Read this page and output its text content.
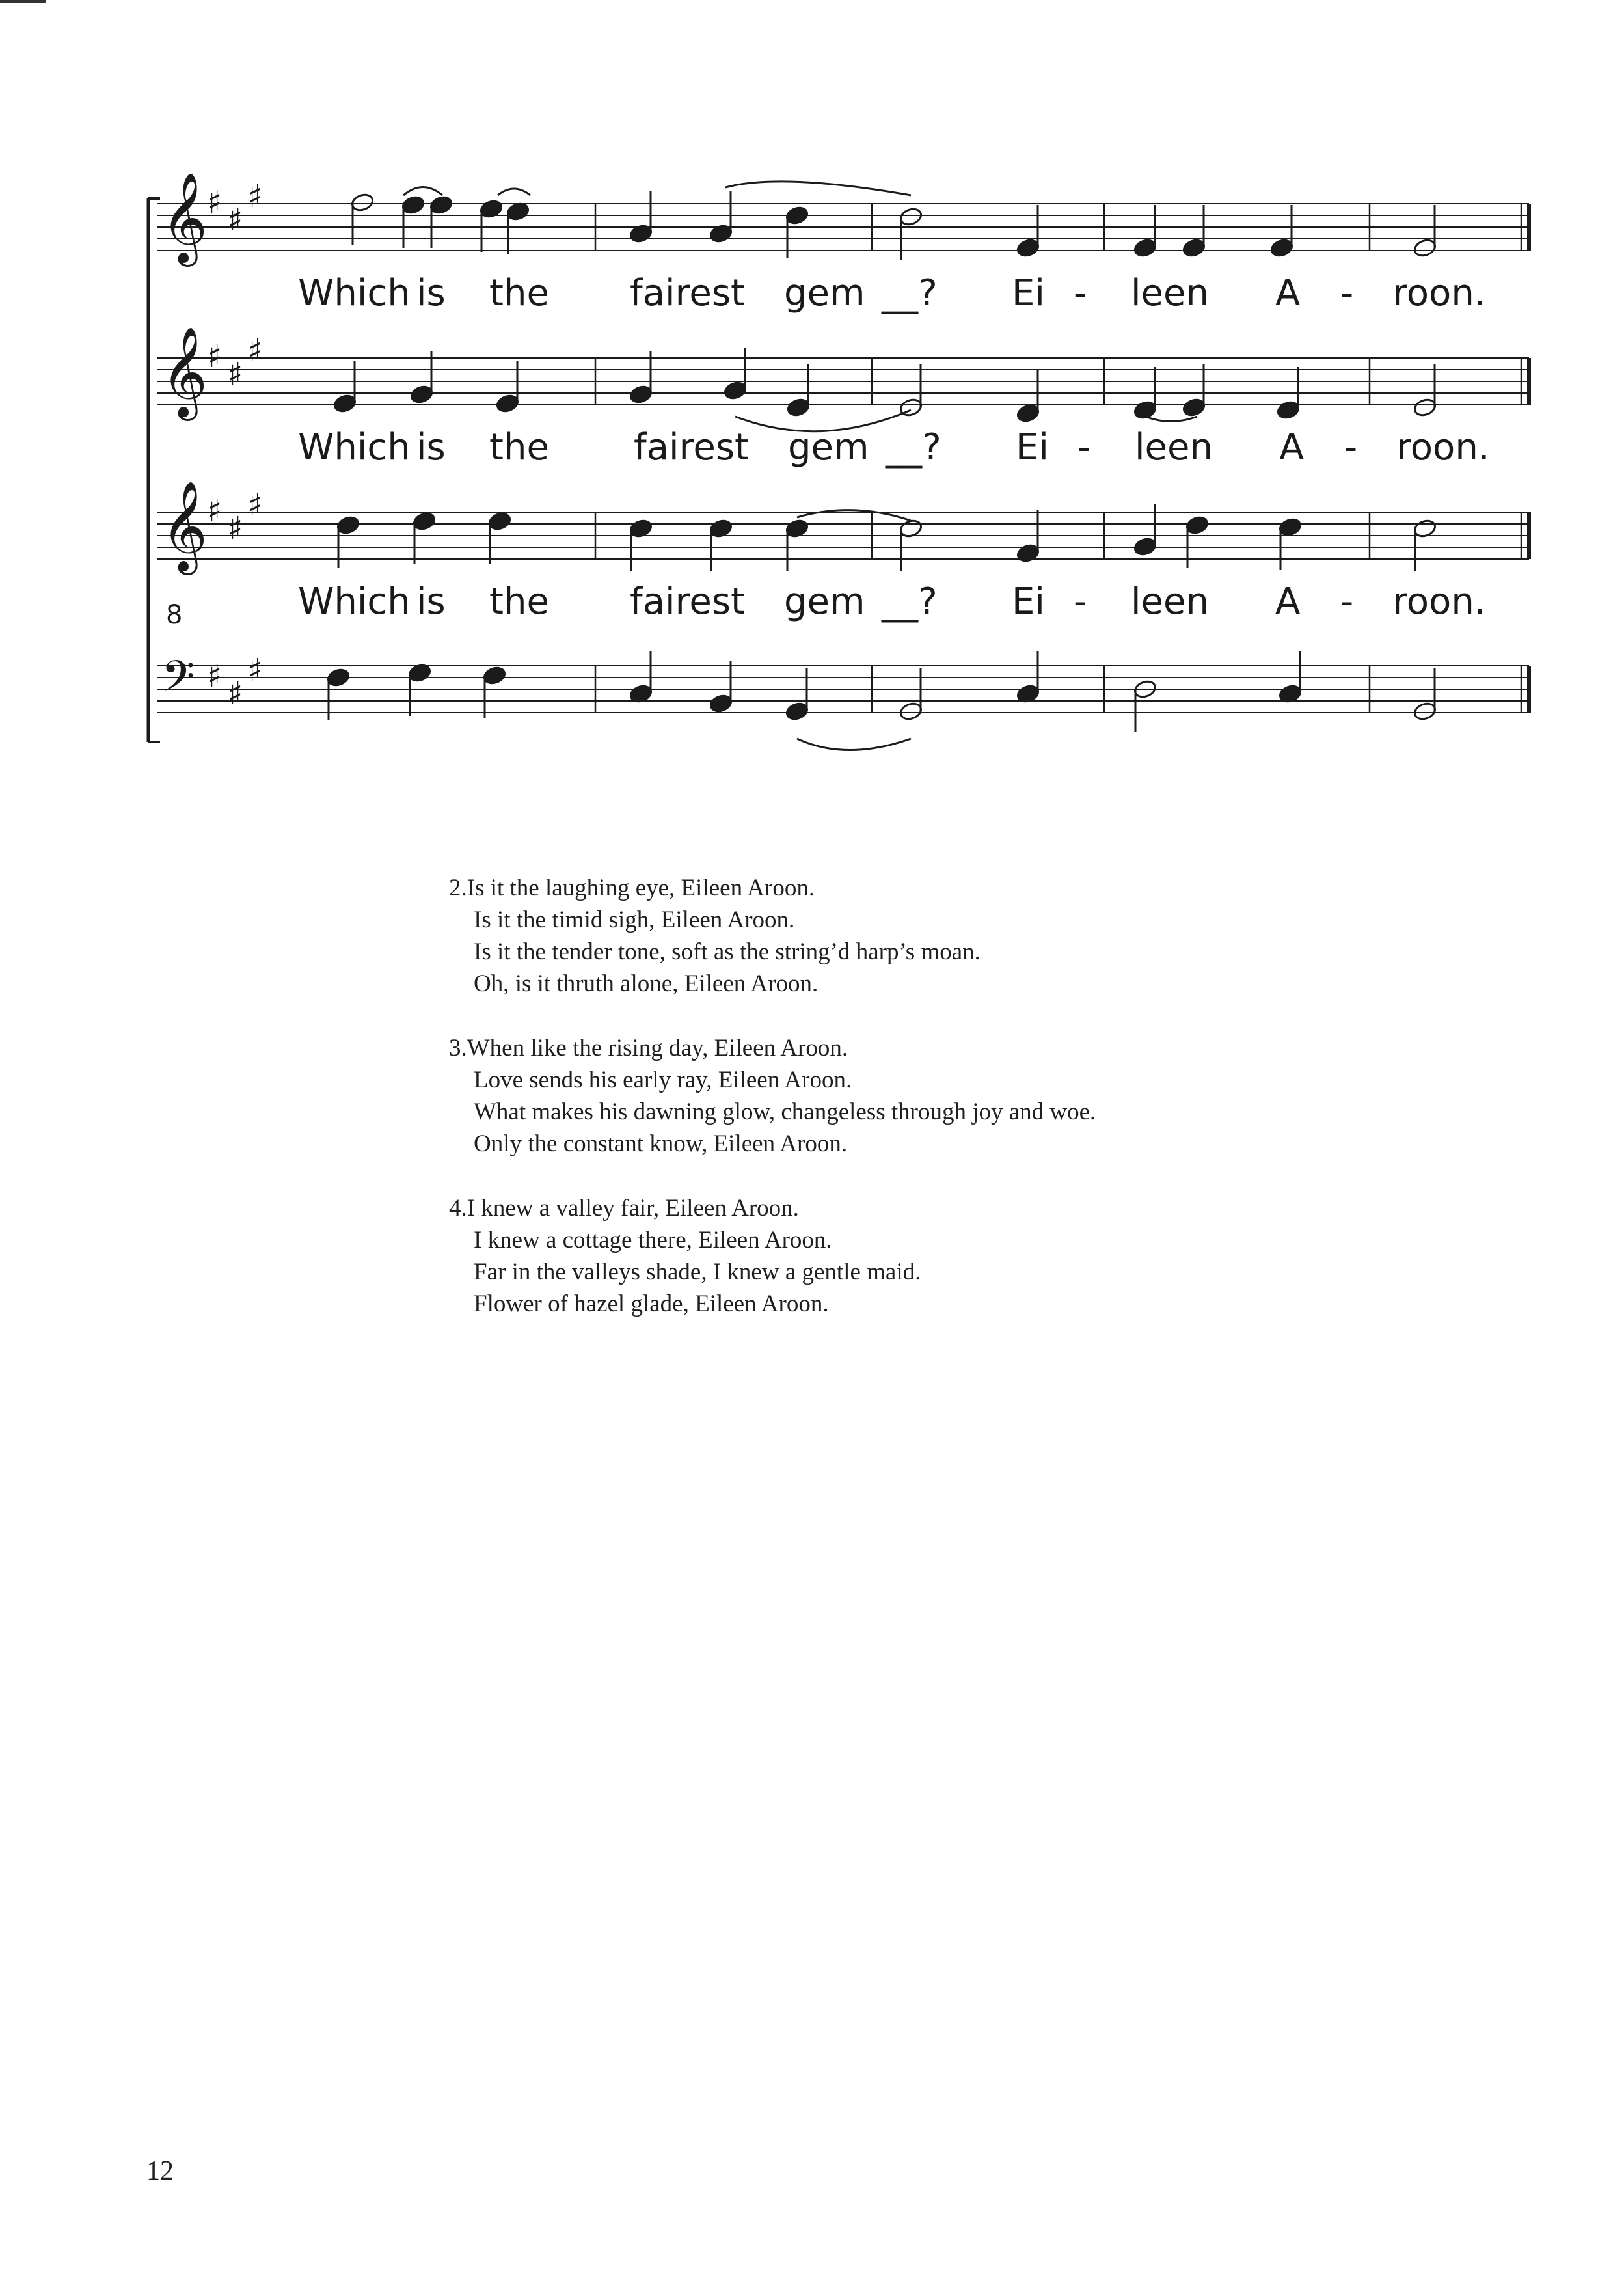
𝄞 ♯ ♯
♯
𝄞 ♯ ♯
♯
𝄞 ♯ ♯
♯
𝄢 ♯ ♯
♯
8
Which is the fairest gem __? Ei - leen A - roon.
Which is the fairest gem __? Ei - leen A - roon.
Which is the fairest gem __? Ei - leen A - roon.
2.Is it the laughing eye, Eileen Aroon.
Is it the timid sigh, Eileen Aroon.
Is it the tender tone, soft as the string’d harp’s moan.
Oh, is it thruth alone, Eileen Aroon.
3.When like the rising day, Eileen Aroon.
Love sends his early ray, Eileen Aroon.
What makes his dawning glow, changeless through joy and woe.
Only the constant know, Eileen Aroon.
4.I knew a valley fair, Eileen Aroon.
I knew a cottage there, Eileen Aroon.
Far in the valleys shade, I knew a gentle maid.
Flower of hazel glade, Eileen Aroon.
12
